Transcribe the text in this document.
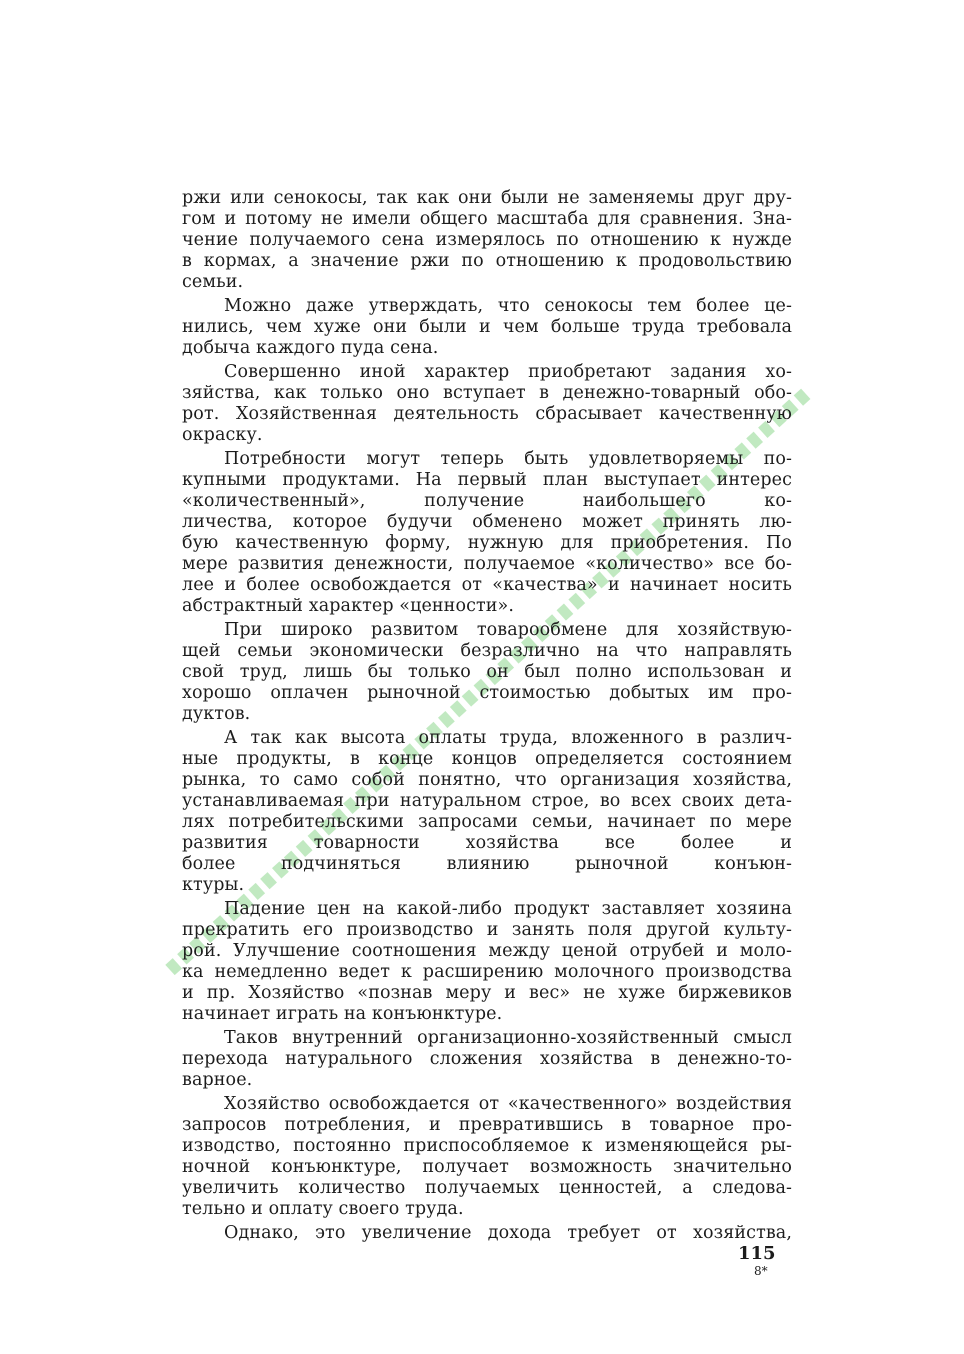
ржи или сенокосы, так как они были не заменяемы друг дру-
гом и потому не имели общего масштаба для сравнения. Зна-
чение получаемого сена измерялось по отношению к нужде
в кормах, а значение ржи по отношению к продовольствию
семьи.
Можно даже утверждать, что сенокосы тем более це-
нились, чем хуже они были и чем больше труда требовала
добыча каждого пуда сена.
Совершенно иной характер приобретают задания хо-
зяйства, как только оно вступает в денежно-товарный обо-
рот. Хозяйственная деятельность сбрасывает качественную
окраску.
Потребности могут теперь быть удовлетворяемы по-
купными продуктами. На первый план выступает интерес
«количественный», получение наибольшего ко-
личества, которое будучи обменено может принять лю-
бую качественную форму, нужную для приобретения. По
мере развития денежности, получаемое «количество» все бо-
лее и более освобождается от «качества» и начинает носить
абстрактный характер «ценности».
При широко развитом товарообмене для хозяйствую-
щей семьи экономически безразлично на что направлять
свой труд, лишь бы только он был полно использован и
хорошо оплачен рыночной стоимостью добытых им про-
дуктов.
А так как высота оплаты труда, вложенного в различ-
ные продукты, в конце концов определяется состоянием
рынка, то само собой понятно, что организация хозяйства,
устанавливаемая при натуральном строе, во всех своих дета-
лях потребительскими запросами семьи, начинает по мере
развития товарности хозяйства все более и
более подчиняться влиянию рыночной конъюн-
ктуры.
Падение цен на какой-либо продукт заставляет хозяина
прекратить его производство и занять поля другой культу-
рой. Улучшение соотношения между ценой отрубей и моло-
ка немедленно ведет к расширению молочного производства
и пр. Хозяйство «познав меру и вес» не хуже биржевиков
начинает играть на конъюнктуре.
Таков внутренний организационно-хозяйственный смысл
перехода натурального сложения хозяйства в денежно-то-
варное.
Хозяйство освобождается от «качественного» воздействия
запросов потребления, и превратившись в товарное про-
изводство, постоянно приспособляемое к изменяющейся ры-
ночной конъюнктуре, получает возможность значительно
увеличить количество получаемых ценностей, а следова-
тельно и оплату своего труда.
Однако, это увеличение дохода требует от хозяйства,
115
8*
